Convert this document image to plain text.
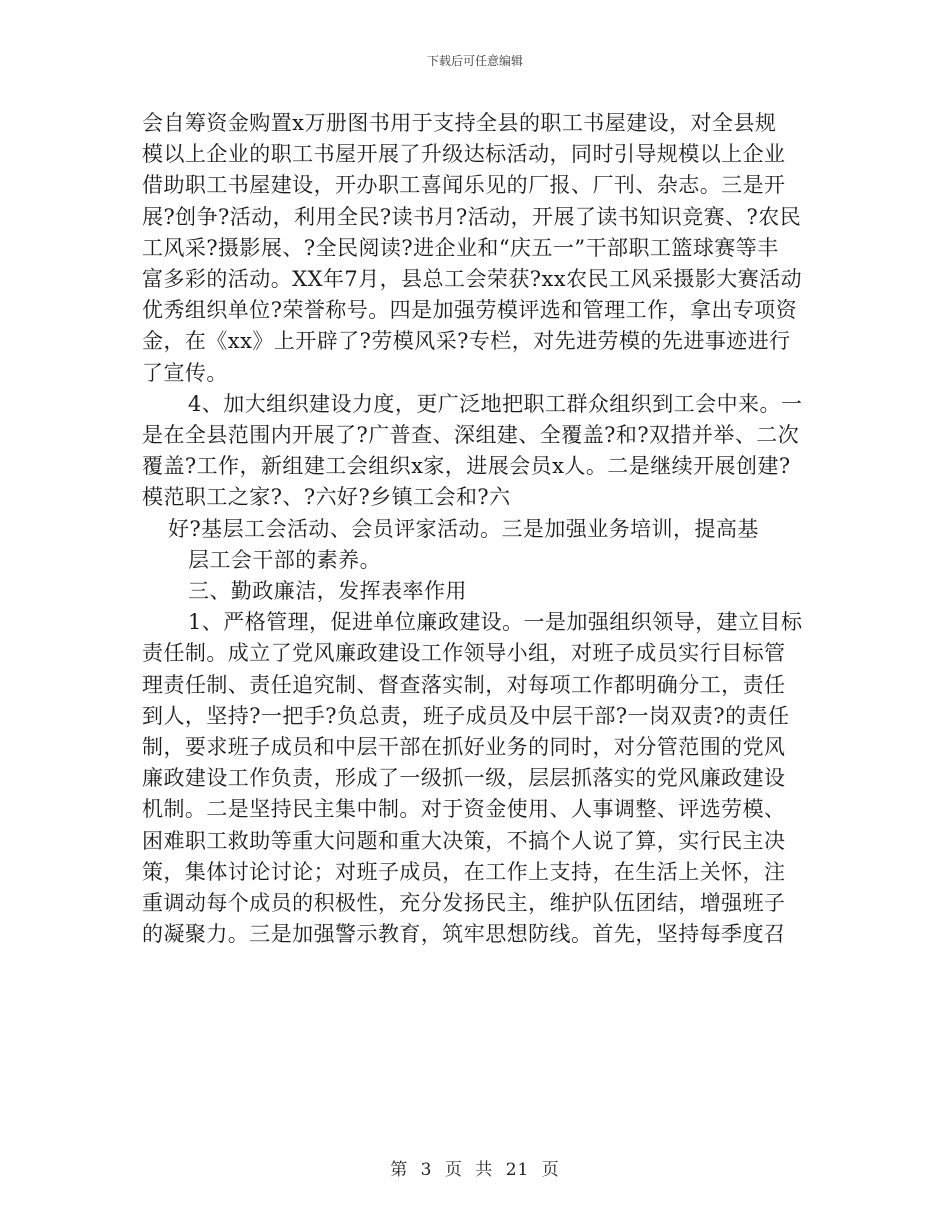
下载后可任意编辑
会自筹资金购置x万册图书用于支持全县的职工书屋建设，对全县规
模以上企业的职工书屋开展了升级达标活动，同时引导规模以上企业
借助职工书屋建设，开办职工喜闻乐见的厂报、厂刊、杂志。三是开
展?创争?活动，利用全民?读书月?活动，开展了读书知识竞赛、?农民
工风采?摄影展、?全民阅读?进企业和“庆五一”干部职工篮球赛等丰
富多彩的活动。XX年7月，县总工会荣获?xx农民工风采摄影大赛活动
优秀组织单位?荣誉称号。四是加强劳模评选和管理工作，拿出专项资
金，在《xx》上开辟了?劳模风采?专栏，对先进劳模的先进事迹进行
了宣传。
4、加大组织建设力度，更广泛地把职工群众组织到工会中来。一
是在全县范围内开展了?广普查、深组建、全覆盖?和?双措并举、二次
覆盖?工作，新组建工会组织x家，进展会员x人。二是继续开展创建?
模范职工之家?、?六好?乡镇工会和?六
好?基层工会活动、会员评家活动。三是加强业务培训，提高基
层工会干部的素养。
三、勤政廉洁，发挥表率作用
1、严格管理，促进单位廉政建设。一是加强组织领导，建立目标
责任制。成立了党风廉政建设工作领导小组，对班子成员实行目标管
理责任制、责任追究制、督查落实制，对每项工作都明确分工，责任
到人，坚持?一把手?负总责，班子成员及中层干部?一岗双责?的责任
制，要求班子成员和中层干部在抓好业务的同时，对分管范围的党风
廉政建设工作负责，形成了一级抓一级，层层抓落实的党风廉政建设
机制。二是坚持民主集中制。对于资金使用、人事调整、评选劳模、
困难职工救助等重大问题和重大决策，不搞个人说了算，实行民主决
策，集体讨论讨论；对班子成员，在工作上支持，在生活上关怀，注
重调动每个成员的积极性，充分发扬民主，维护队伍团结，增强班子
的凝聚力。三是加强警示教育，筑牢思想防线。首先，坚持每季度召
第 3 页 共 21 页
